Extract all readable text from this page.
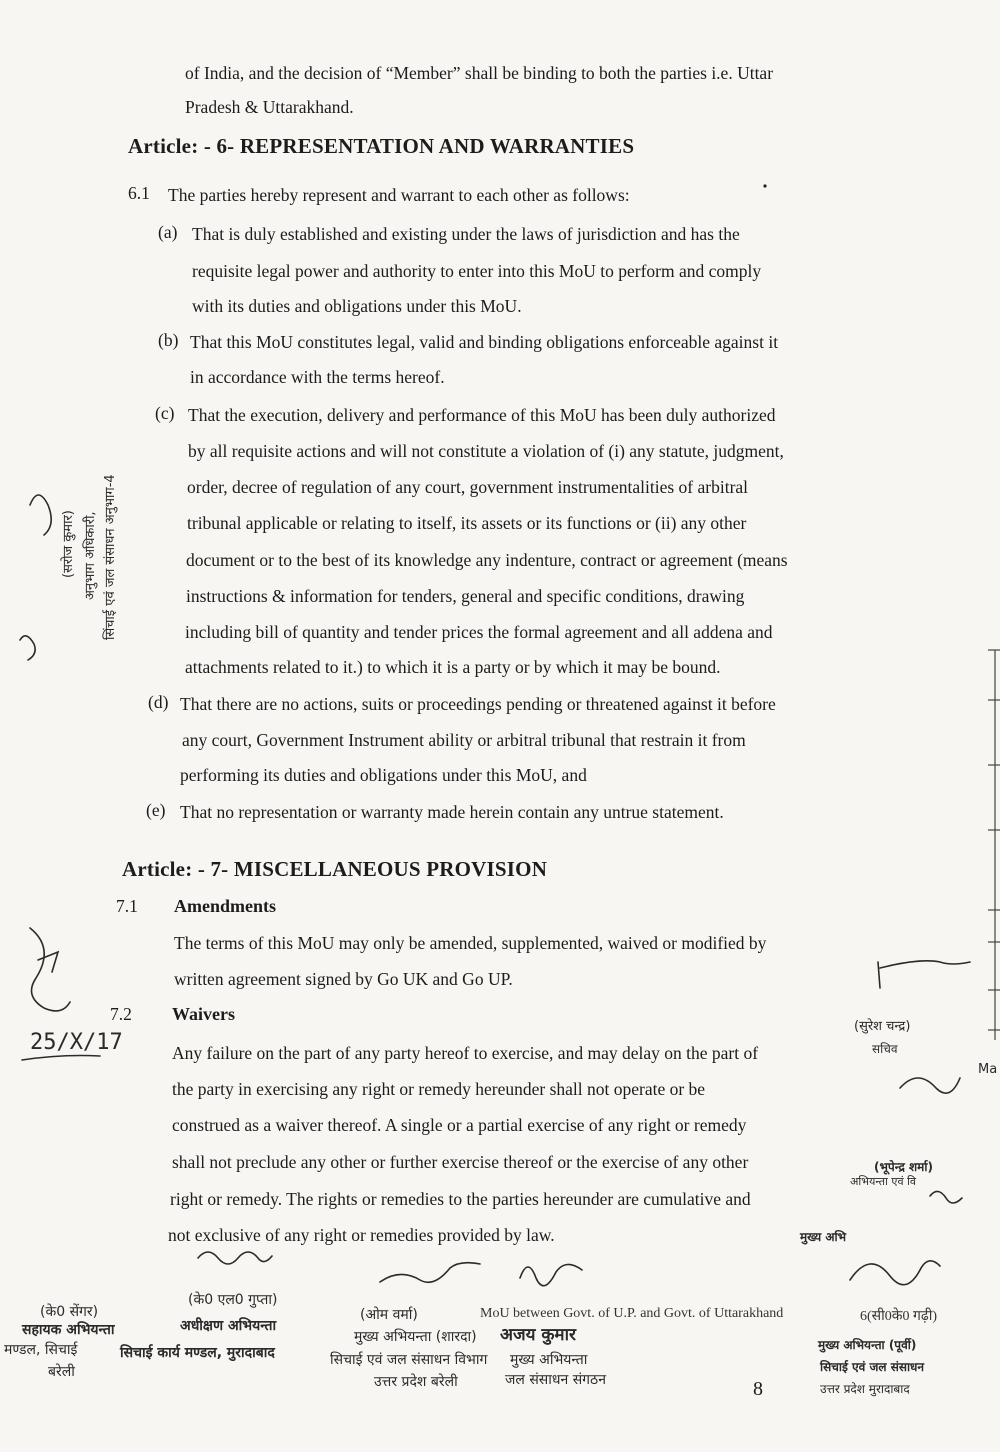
of India, and the decision of “Member” shall be binding to both the parties i.e. Uttar
Pradesh & Uttarakhand.
Article: - 6- REPRESENTATION AND WARRANTIES
6.1 The parties hereby represent and warrant to each other as follows:
(a) That is duly established and existing under the laws of jurisdiction and has the
requisite legal power and authority to enter into this MoU to perform and comply
with its duties and obligations under this MoU.
(b) That this MoU constitutes legal, valid and binding obligations enforceable against it
in accordance with the terms hereof.
(c) That the execution, delivery and performance of this MoU has been duly authorized
by all requisite actions and will not constitute a violation of (i) any statute, judgment,
order, decree of regulation of any court, government instrumentalities of arbitral
tribunal applicable or relating to itself, its assets or its functions or (ii) any other
document or to the best of its knowledge any indenture, contract or agreement (means
instructions & information for tenders, general and specific conditions, drawing
including bill of quantity and tender prices the formal agreement and all addena and
attachments related to it.) to which it is a party or by which it may be bound.
(d) That there are no actions, suits or proceedings pending or threatened against it before
any court, Government Instrument ability or arbitral tribunal that restrain it from
performing its duties and obligations under this MoU, and
(e) That no representation or warranty made herein contain any untrue statement.
Article: - 7- MISCELLANEOUS PROVISION
7.1 Amendments
The terms of this MoU may only be amended, supplemented, waived or modified by
written agreement signed by Go UK and Go UP.
7.2 Waivers
Any failure on the part of any party hereof to exercise, and may delay on the part of
the party in exercising any right or remedy hereunder shall not operate or be
construed as a waiver thereof. A single or a partial exercise of any right or remedy
shall not preclude any other or further exercise thereof or the exercise of any other
right or remedy. The rights or remedies to the parties hereunder are cumulative and
not exclusive of any right or remedies provided by law.
(के0 सेंगर)
सहायक अभियन्ता
मण्डल, सिचाई
बरेली
(के0 एल0 गुप्ता)
अधीक्षण अभियन्ता
सिचाई कार्य मण्डल, मुरादाबाद
(ओम वर्मा)
मुख्य अभियन्ता (शारदा)
सिचाई एवं जल संसाधन विभाग
उत्तर प्रदेश बरेली
अजय कुमार
मुख्य अभियन्ता
जल संसाधन संगठन
MoU between Govt. of U.P. and Govt. of Uttarakhand	6(सी0के0 गढ़ी)
8
मुख्य अभियन्ता (पूर्वी)
सिचाई एवं जल संसाधन
उत्तर प्रदेश मुरादाबाद
(सुरेश चन्द्र)
सचिव
(भूपेन्द्र शर्मा)
अभियन्ता एवं वि
मुख्य अभि
Ma
25/X/17
(सरोज कुमार) अनुभाग अधिकारी, सिंचाई एवं जल संसाधन अनुभाग-4
